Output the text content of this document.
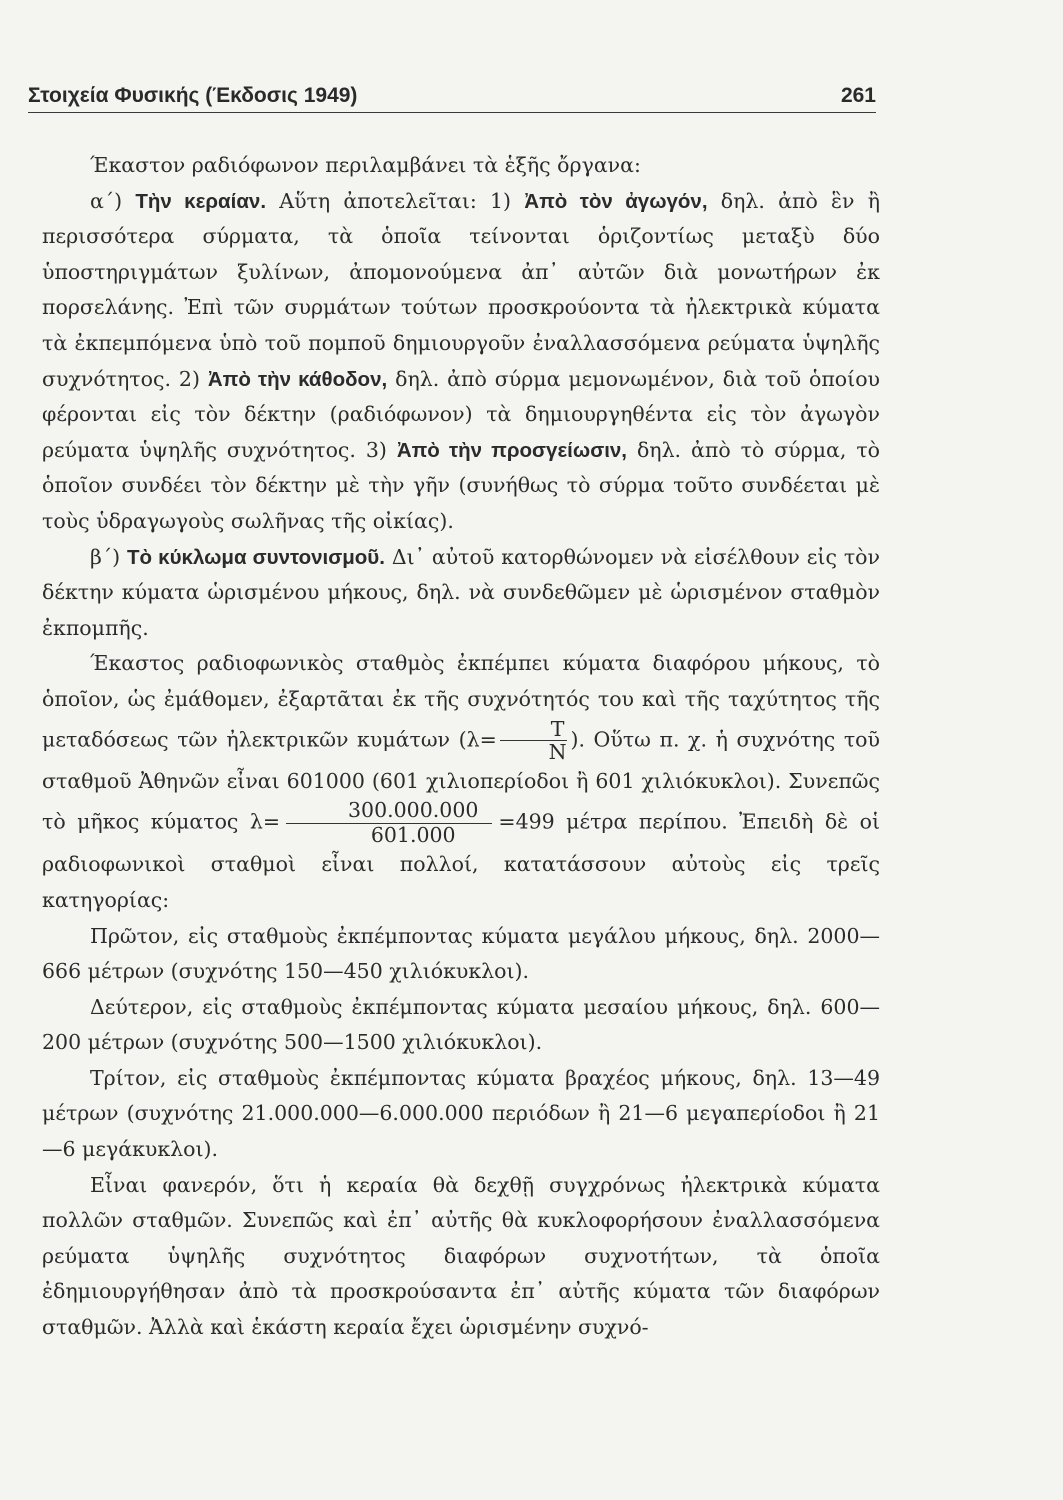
Στοιχεία Φυσικής (Έκδοσις 1949)	261

Έκαστον ραδιόφωνον περιλαμβάνει τὰ ἑξῆς ὄργανα:

α΄) Τὴν κεραίαν. Αὕτη ἀποτελεῖται: 1) Ἀπὸ τὸν ἀγωγόν, δηλ. ἀπὸ ἓν ἢ περισσότερα σύρματα, τὰ ὁποῖα τείνονται ὁριζοντίως μεταξὺ δύο ὑποστηριγμάτων ξυλίνων, ἀπομονούμενα ἀπ᾽ αὐτῶν διὰ μονωτήρων ἐκ πορσελάνης. Ἐπὶ τῶν συρμάτων τούτων προσκρούοντα τὰ ἠλεκτρικὰ κύματα τὰ ἐκπεμπόμενα ὑπὸ τοῦ πομποῦ δημιουργοῦν ἐναλλασσόμενα ρεύματα ὑψηλῆς συχνότητος. 2) Ἀπὸ τὴν κάθοδον, δηλ. ἀπὸ σύρμα μεμονωμένον, διὰ τοῦ ὁποίου φέρονται εἰς τὸν δέκτην (ραδιόφωνον) τὰ δημιουργηθέντα εἰς τὸν ἀγωγὸν ρεύματα ὑψηλῆς συχνότητος. 3) Ἀπὸ τὴν προσγείωσιν, δηλ. ἀπὸ τὸ σύρμα, τὸ ὁποῖον συνδέει τὸν δέκτην μὲ τὴν γῆν (συνήθως τὸ σύρμα τοῦτο συνδέεται μὲ τοὺς ὑδραγωγοὺς σωλῆνας τῆς οἰκίας).

β΄) Τὸ κύκλωμα συντονισμοῦ. Δι᾽ αὐτοῦ κατορθώνομεν νὰ εἰσέλθουν εἰς τὸν δέκτην κύματα ὡρισμένου μήκους, δηλ. νὰ συνδεθῶμεν μὲ ὡρισμένον σταθμὸν ἐκπομπῆς.

Έκαστος ραδιοφωνικὸς σταθμὸς ἐκπέμπει κύματα διαφόρου μήκους, τὸ ὁποῖον, ὡς ἐμάθομεν, ἐξαρτᾶται ἐκ τῆς συχνότητός του καὶ τῆς ταχύτητος τῆς μεταδόσεως τῶν ἠλεκτρικῶν κυμάτων ($\lambda= \frac{T}{N}$ ). Οὕτω π. χ. ἡ συχνότης τοῦ σταθμοῦ Ἀθηνῶν εἶναι 601000 (601 χιλιοπερίοδοι ἢ 601 χιλιόκυκλοι). Συνεπῶς τὸ μῆκος κύματος $\lambda= \frac{300.000.000}{601.000} =499$ μέτρα περίπου. Ἐπειδὴ δὲ οἱ ραδιοφωνικοὶ σταθμοὶ εἶναι πολλοί, κατατάσσουν αὐτοὺς εἰς τρεῖς κατηγορίας:

Πρῶτον, εἰς σταθμοὺς ἐκπέμποντας κύματα μεγάλου μήκους, δηλ. 2000—666 μέτρων (συχνότης 150—450 χιλιόκυκλοι).

Δεύτερον, εἰς σταθμοὺς ἐκπέμποντας κύματα μεσαίου μήκους, δηλ. 600—200 μέτρων (συχνότης 500—1500 χιλιόκυκλοι).

Τρίτον, εἰς σταθμοὺς ἐκπέμποντας κύματα βραχέος μήκους, δηλ. 13—49 μέτρων (συχνότης 21.000.000—6.000.000 περιόδων ἢ 21—6 μεγαπερίοδοι ἢ 21—6 μεγάκυκλοι).

Εἶναι φανερόν, ὅτι ἡ κεραία θὰ δεχθῇ συγχρόνως ἠλεκτρικὰ κύματα πολλῶν σταθμῶν. Συνεπῶς καὶ ἐπ᾽ αὐτῆς θὰ κυκλοφορήσουν ἐναλλασσόμενα ρεύματα ὑψηλῆς συχνότητος διαφόρων συχνοτήτων, τὰ ὁποῖα ἐδημιουργήθησαν ἀπὸ τὰ προσκρούσαντα ἐπ᾽ αὐτῆς κύματα τῶν διαφόρων σταθμῶν. Ἀλλὰ καὶ ἑκάστη κεραία ἔχει ὡρισμένην συχνό-
